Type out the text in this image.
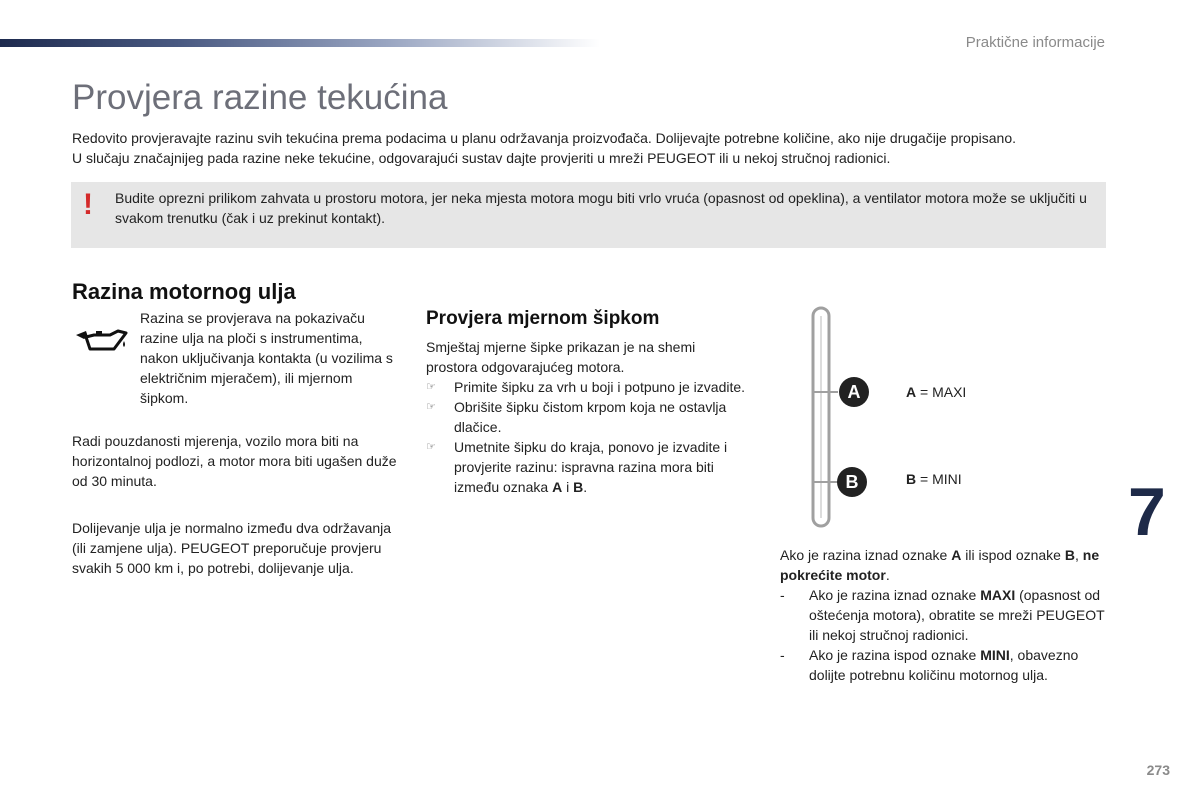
Praktične informacije
Provjera razine tekućina

Redovito provjeravajte razinu svih tekućina prema podacima u planu održavanja proizvođača. Dolijevajte potrebne količine, ako nije drugačije propisano.

U slučaju značajnijeg pada razine neke tekućine, odgovarajući sustav dajte provjeriti u mreži PEUGEOT ili u nekoj stručnoj radionici.

! Budite oprezni prilikom zahvata u prostoru motora, jer neka mjesta motora mogu biti vrlo vruća (opasnost od opeklina), a ventilator motora može se uključiti u svakom trenutku (čak i uz prekinut kontakt).

Razina motornog ulja

Razina se provjerava na pokazivaču razine ulja na ploči s instrumentima, nakon uključivanja kontakta (u vozilima s električnim mjeračem), ili mjernom šipkom.

Radi pouzdanosti mjerenja, vozilo mora biti na horizontalnoj podlozi, a motor mora biti ugašen duže od 30 minuta.

Dolijevanje ulja je normalno između dva održavanja (ili zamjene ulja). PEUGEOT preporučuje provjeru svakih 5 000 km i, po potrebi, dolijevanje ulja.

Provjera mjernom šipkom

Smještaj mjerne šipke prikazan je na shemi prostora odgovarajućeg motora.

☞ Primite šipku za vrh u boji i potpuno je izvadite.
☞ Obrišite šipku čistom krpom koja ne ostavlja dlačice.
☞ Umetnite šipku do kraja, ponovo je izvadite i provjerite razinu: ispravna razina mora biti između oznaka A i B.
A
B
A = MAXI
B = MINI

Ako je razina iznad oznake A ili ispod oznake B, ne pokrećite motor.

- Ako je razina iznad oznake MAXI (opasnost od oštećenja motora), obratite se mreži PEUGEOT ili nekoj stručnoj radionici.
- Ako je razina ispod oznake MINI, obavezno dolijte potrebnu količinu motornog ulja.
7
273
